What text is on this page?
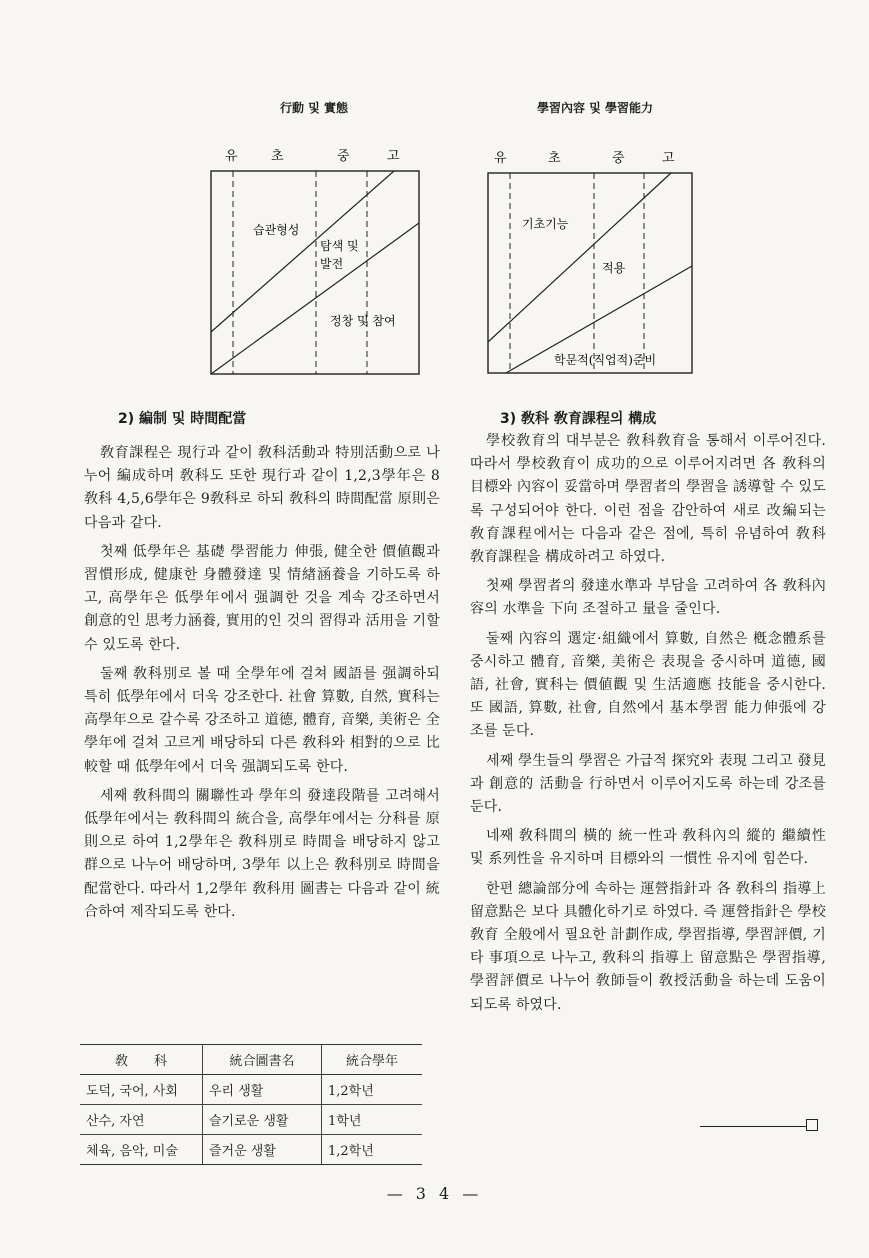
行動 및 實態
유	초	중	고
습관형성
탐색 및
발전
정창 및 참여
學習內容 및 學習能力
유	초	중	고
기초기능
적용
학문적(직업적)준비
2) 編制 및 時間配當

敎育課程은 現行과 같이 敎科活動과 特別活動으로 나누어 編成하며 敎科도 또한 現行과 같이 1,2,3學年은 8敎科 4,5,6學年은 9敎科로 하되 敎科의 時間配當 原則은 다음과 같다.

첫째 低學年은 基礎 學習能力 伸張, 健全한 價値觀과 習慣形成, 健康한 身體發達 및 情緖涵養을 기하도록 하고, 高學年은 低學年에서 强調한 것을 계속 강조하면서 創意的인 思考力涵養, 實用的인 것의 習得과 活用을 기할 수 있도록 한다.

둘째 敎科別로 볼 때 全學年에 걸쳐 國語를 强調하되 특히 低學年에서 더욱 강조한다. 社會 算數, 自然, 實科는 高學年으로 갈수록 강조하고 道德, 體育, 音樂, 美術은 全學年에 걸쳐 고르게 배당하되 다른 敎科와 相對的으로 比較할 때 低學年에서 더욱 强調되도록 한다.

세째 敎科間의 關聯性과 學年의 發達段階를 고려해서 低學年에서는 敎科間의 統合을, 高學年에서는 分科를 原則으로 하여 1,2學年은 敎科別로 時間을 배당하지 않고 群으로 나누어 배당하며, 3學年 以上은 敎科別로 時間을 配當한다. 따라서 1,2學年 敎科用 圖書는 다음과 같이 統合하여 제작되도록 한다.

敎　　科	統合圖書名	統合學年
도덕, 국어, 사회	우리 생활	1,2학년
산수, 자연	슬기로운 생활	1학년
체육, 음악, 미술	즐거운 생활	1,2학년
3) 敎科 敎育課程의 構成

學校敎育의 대부분은 敎科敎育을 통해서 이루어진다. 따라서 學校敎育이 成功的으로 이루어지려면 各 敎科의 目標와 內容이 妥當하며 學習者의 學習을 誘導할 수 있도록 구성되어야 한다. 이런 점을 감안하여 새로 改編되는 敎育課程에서는 다음과 같은 점에, 특히 유념하여 敎科 敎育課程을 構成하려고 하였다.

첫째 學習者의 發達水準과 부담을 고려하여 各 敎科內容의 水準을 下向 조절하고 量을 줄인다.

둘째 內容의 選定·組織에서 算數, 自然은 槪念體系를 중시하고 體育, 音樂, 美術은 表現을 중시하며 道德, 國語, 社會, 實科는 價値觀 및 生活適應 技能을 중시한다. 또 國語, 算數, 社會, 自然에서 基本學習 能力伸張에 강조를 둔다.

세째 學生들의 學習은 가급적 探究와 表現 그리고 發見과 創意的 活動을 行하면서 이루어지도록 하는데 강조를 둔다.

네째 敎科間의 橫的 統一性과 敎科內의 縱的 繼續性 및 系列性을 유지하며 目標와의 一慣性 유지에 힘쓴다.

한편 總論部分에 속하는 運營指針과 各 敎科의 指導上 留意點은 보다 具體化하기로 하였다. 즉 運營指針은 學校敎育 全般에서 필요한 計劃作成, 學習指導, 學習評價, 기타 事項으로 나누고, 敎科의 指導上 留意點은 學習指導, 學習評價로 나누어 敎師들이 敎授活動을 하는데 도움이 되도록 하였다.

— 3 4 —
